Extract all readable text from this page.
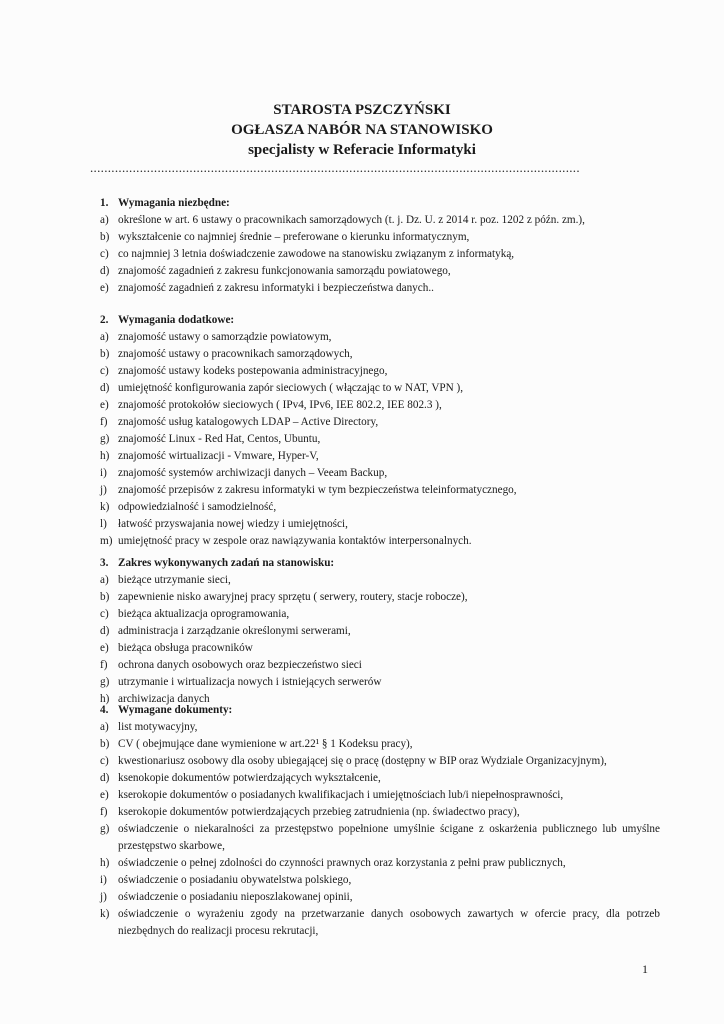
STAROSTA PSZCZYŃSKI
OGŁASZA NABÓR NA STANOWISKO
specjalisty w Referacie Informatyki
..........................................................................................................................................
1. Wymagania niezbędne:
a) określone w art. 6 ustawy o pracownikach samorządowych (t. j. Dz. U. z 2014 r. poz. 1202 z późn. zm.),
b) wykształcenie co najmniej średnie – preferowane o kierunku informatycznym,
c) co najmniej 3 letnia doświadczenie zawodowe na stanowisku związanym z informatyką,
d) znajomość zagadnień z zakresu funkcjonowania samorządu powiatowego,
e) znajomość zagadnień z zakresu informatyki i bezpieczeństwa danych..
2. Wymagania dodatkowe:
a) znajomość ustawy o samorządzie powiatowym,
b) znajomość ustawy o pracownikach samorządowych,
c) znajomość ustawy kodeks postepowania administracyjnego,
d) umiejętność konfigurowania zapór sieciowych ( włączając to w NAT, VPN ),
e) znajomość protokołów sieciowych ( IPv4, IPv6, IEE 802.2, IEE 802.3 ),
f) znajomość usług katalogowych LDAP – Active Directory,
g) znajomość Linux - Red Hat, Centos, Ubuntu,
h) znajomość wirtualizacji - Vmware, Hyper-V,
i) znajomość systemów archiwizacji danych – Veeam Backup,
j) znajomość przepisów z zakresu informatyki w tym bezpieczeństwa teleinformatycznego,
k) odpowiedzialność i samodzielność,
l) łatwość przyswajania nowej wiedzy i umiejętności,
m) umiejętność pracy w zespole oraz nawiązywania kontaktów interpersonalnych.
3. Zakres wykonywanych zadań na stanowisku:
a) bieżące utrzymanie sieci,
b) zapewnienie nisko awaryjnej pracy sprzętu ( serwery, routery, stacje robocze),
c) bieżąca aktualizacja oprogramowania,
d) administracja i zarządzanie określonymi serwerami,
e) bieżąca obsługa pracowników
f) ochrona danych osobowych oraz bezpieczeństwo sieci
g) utrzymanie i wirtualizacja nowych i istniejących serwerów
h) archiwizacja danych
4. Wymagane dokumenty:
a) list motywacyjny,
b) CV ( obejmujące dane wymienione w art.22¹ § 1 Kodeksu pracy),
c) kwestionariusz osobowy dla osoby ubiegającej się o pracę (dostępny w BIP oraz Wydziale Organizacyjnym),
d) ksenokopie dokumentów potwierdzających wykształcenie,
e) kserokopie dokumentów o posiadanych kwalifikacjach i umiejętnościach lub/i niepełnosprawności,
f) kserokopie dokumentów potwierdzających przebieg zatrudnienia (np. świadectwo pracy),
g) oświadczenie o niekaralności za przestępstwo popełnione umyślnie ścigane z oskarżenia publicznego lub umyślne przestępstwo skarbowe,
h) oświadczenie o pełnej zdolności do czynności prawnych oraz korzystania z pełni praw publicznych,
i) oświadczenie o posiadaniu obywatelstwa polskiego,
j) oświadczenie o posiadaniu nieposzlakowanej opinii,
k) oświadczenie o wyrażeniu zgody na przetwarzanie danych osobowych zawartych w ofercie pracy, dla potrzeb niezbędnych do realizacji procesu rekrutacji,
1
